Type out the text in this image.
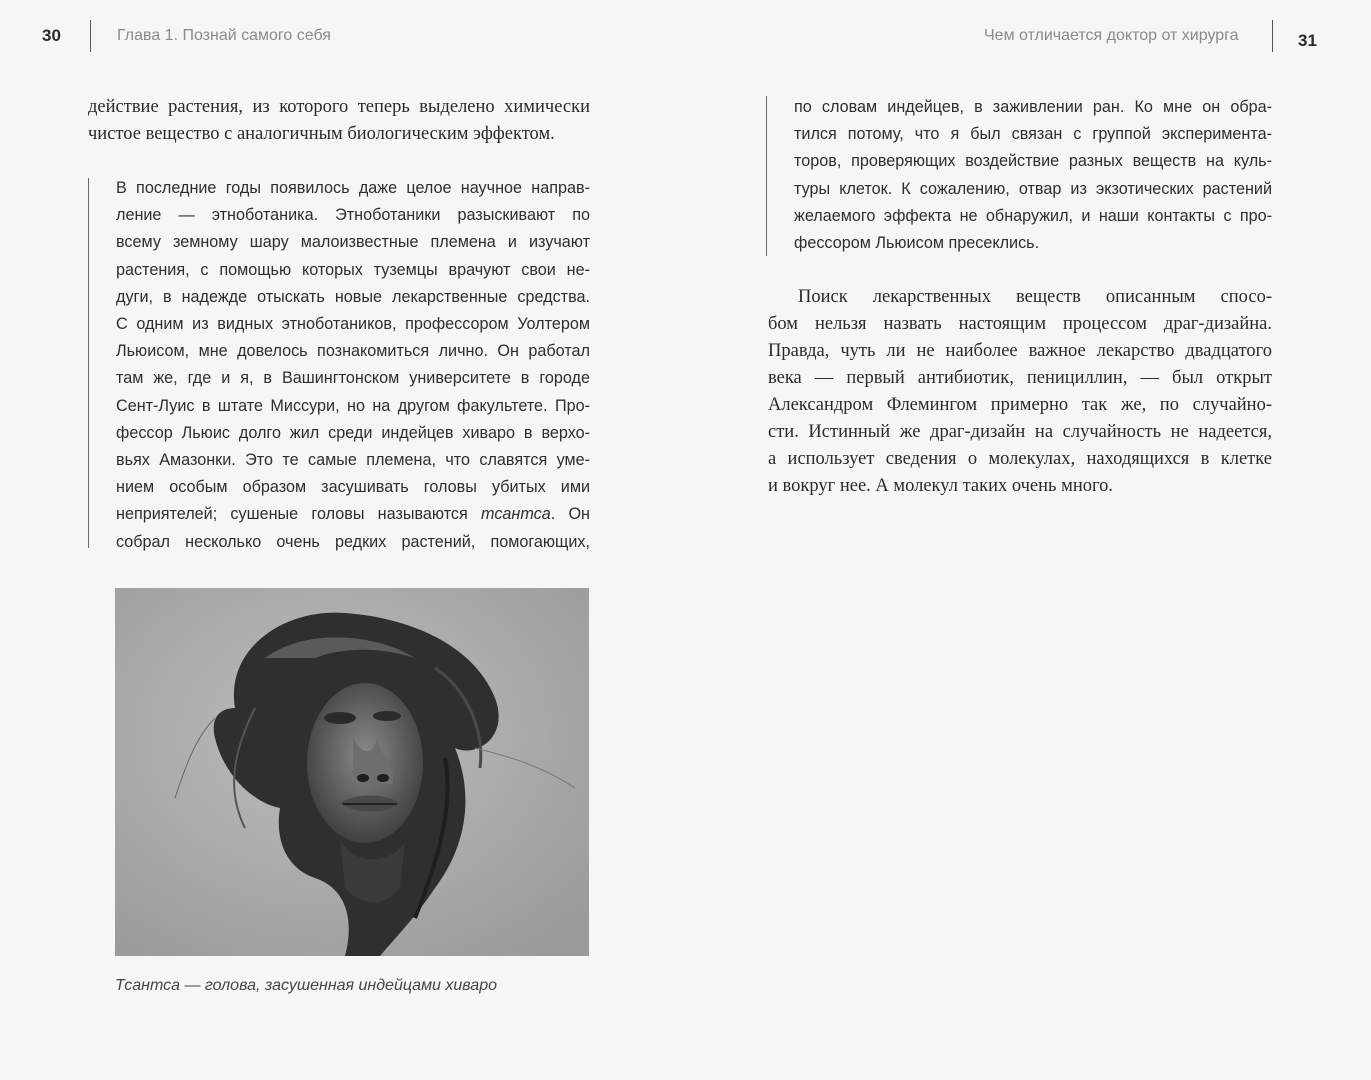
30	Глава 1. Познай самого себя
действие растения, из которого теперь выделено химически
чистое вещество с аналогичным биологическим эффектом.
В последние годы появилось даже целое научное направ-
ление — этноботаника. Этноботаники разыскивают по
всему земному шару малоизвестные племена и изучают
растения, с помощью которых туземцы врачуют свои не-
дуги, в надежде отыскать новые лекарственные средства.
С одним из видных этноботаников, профессором Уолтером
Льюисом, мне довелось познакомиться лично. Он работал
там же, где и я, в Вашингтонском университете в городе
Сент-Луис в штате Миссури, но на другом факультете. Про-
фессор Льюис долго жил среди индейцев хиваро в верхо-
вьях Амазонки. Это те самые племена, что славятся уме-
нием особым образом засушивать головы убитых ими
неприятелей; сушеные головы называются тсантса. Он
собрал несколько очень редких растений, помогающих,
Тсантса — голова, засушенная индейцами хиваро
Чем отличается доктор от хирурга	31
по словам индейцев, в заживлении ран. Ко мне он обра-
тился потому, что я был связан с группой эксперимента-
торов, проверяющих воздействие разных веществ на куль-
туры клеток. К сожалению, отвар из экзотических растений
желаемого эффекта не обнаружил, и наши контакты с про-
фессором Льюисом пресеклись.
Поиск лекарственных веществ описанным спосо-
бом нельзя назвать настоящим процессом драг-дизайна.
Правда, чуть ли не наиболее важное лекарство двадцатого
века — первый антибиотик, пенициллин, — был открыт
Александром Флемингом примерно так же, по случайно-
сти. Истинный же драг-дизайн на случайность не надеется,
а использует сведения о молекулах, находящихся в клетке
и вокруг нее. А молекул таких очень много.
